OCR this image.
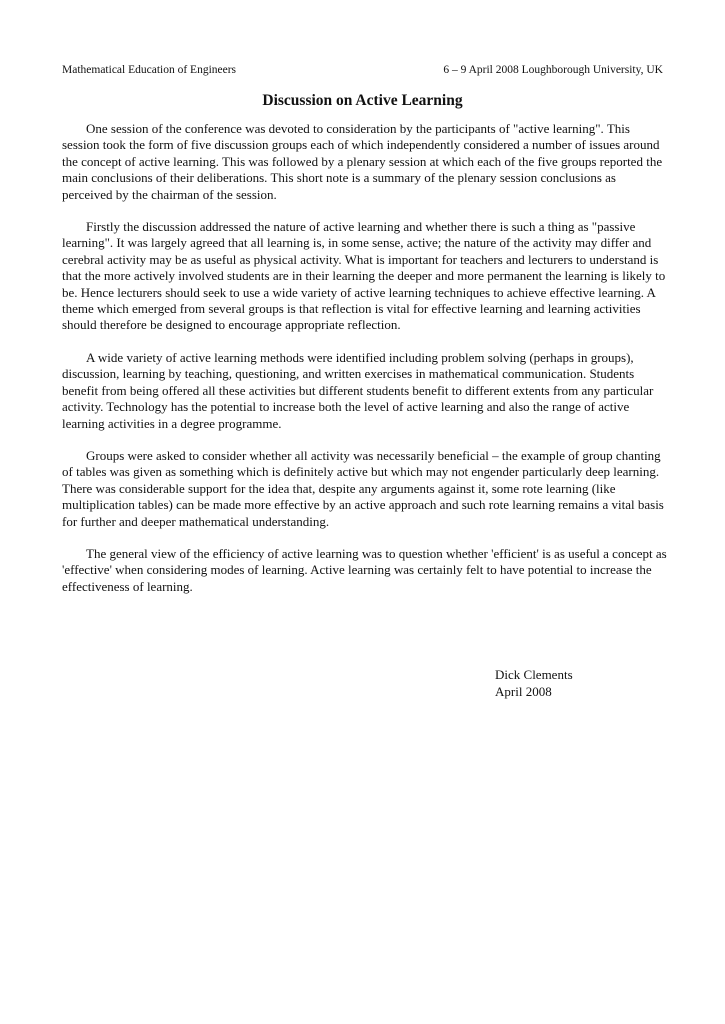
Mathematical Education of Engineers	6 – 9 April 2008 Loughborough University, UK
Discussion on Active Learning

One session of the conference was devoted to consideration by the participants of "active learning". This session took the form of five discussion groups each of which independently considered a number of issues around the concept of active learning. This was followed by a plenary session at which each of the five groups reported the main conclusions of their deliberations. This short note is a summary of the plenary session conclusions as perceived by the chairman of the session.

Firstly the discussion addressed the nature of active learning and whether there is such a thing as "passive learning". It was largely agreed that all learning is, in some sense, active; the nature of the activity may differ and cerebral activity may be as useful as physical activity. What is important for teachers and lecturers to understand is that the more actively involved students are in their learning the deeper and more permanent the learning is likely to be. Hence lecturers should seek to use a wide variety of active learning techniques to achieve effective learning. A theme which emerged from several groups is that reflection is vital for effective learning and learning activities should therefore be designed to encourage appropriate reflection.

A wide variety of active learning methods were identified including problem solving (perhaps in groups), discussion, learning by teaching, questioning, and written exercises in mathematical communication. Students benefit from being offered all these activities but different students benefit to different extents from any particular activity. Technology has the potential to increase both the level of active learning and also the range of active learning activities in a degree programme.

Groups were asked to consider whether all activity was necessarily beneficial – the example of group chanting of tables was given as something which is definitely active but which may not engender particularly deep learning. There was considerable support for the idea that, despite any arguments against it, some rote learning (like multiplication tables) can be made more effective by an active approach and such rote learning remains a vital basis for further and deeper mathematical understanding.

The general view of the efficiency of active learning was to question whether 'efficient' is as useful a concept as 'effective' when considering modes of learning. Active learning was certainly felt to have potential to increase the effectiveness of learning.

Dick Clements
April 2008
